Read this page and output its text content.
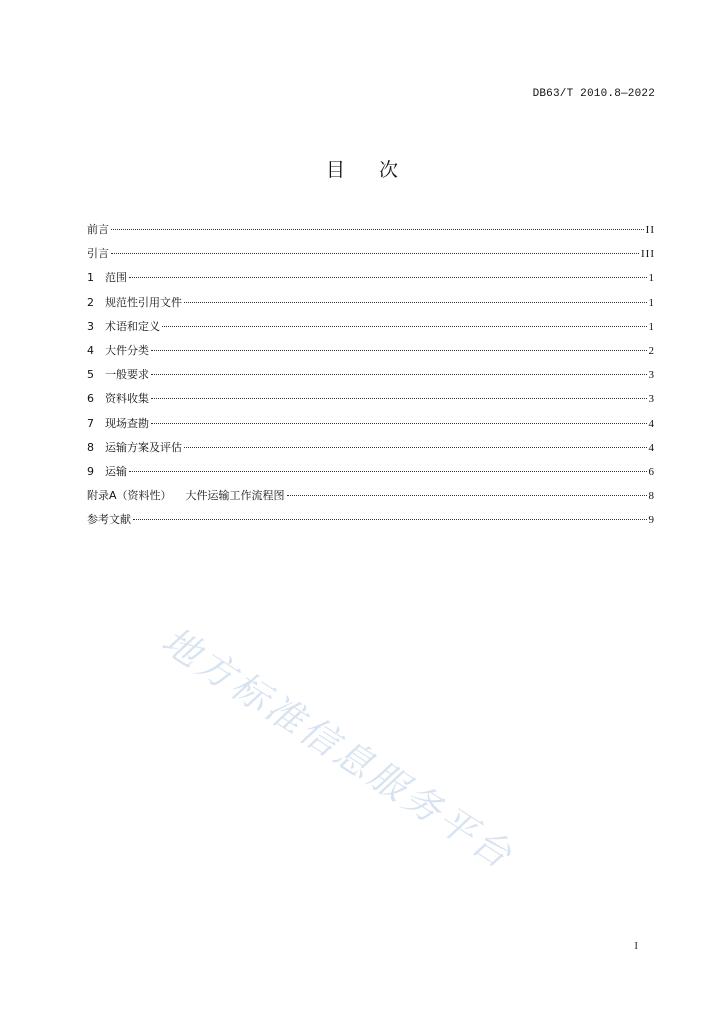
DB63/T 2010.8—2022
目 次
前言	II
引言	III
1	范围	1
2	规范性引用文件	1
3	术语和定义	1
4	大件分类	2
5	一般要求	3
6	资料收集	3
7	现场查勘	4
8	运输方案及评估	4
9	运输	6
附录A（资料性） 大件运输工作流程图	8
参考文献	9
地方标准信息服务平台
I
